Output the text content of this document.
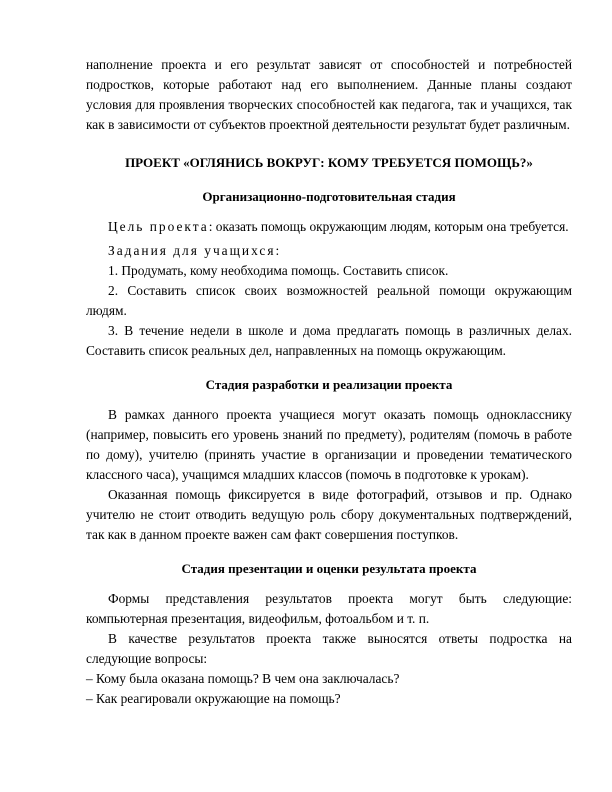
наполнение проекта и его результат зависят от способностей и потребностей подростков, которые работают над его выполнением. Данные планы создают условия для проявления творческих способностей как педагога, так и учащихся, так как в зависимости от субъектов проектной деятельности результат будет различным.

ПРОЕКТ «ОГЛЯНИСЬ ВОКРУГ: КОМУ ТРЕБУЕТСЯ ПОМОЩЬ?»

Организационно-подготовительная стадия

Цель проекта: оказать помощь окружающим людям, которым она требуется.

Задания для учащихся:

1. Продумать, кому необходима помощь. Составить список.

2. Составить список своих возможностей реальной помощи окружающим людям.

3. В течение недели в школе и дома предлагать помощь в различных делах. Составить список реальных дел, направленных на помощь окружающим.

Стадия разработки и реализации проекта

В рамках данного проекта учащиеся могут оказать помощь однокласснику (например, повысить его уровень знаний по предмету), родителям (помочь в работе по дому), учителю (принять участие в организации и проведении тематического классного часа), учащимся младших классов (помочь в подготовке к урокам).

Оказанная помощь фиксируется в виде фотографий, отзывов и пр. Однако учителю не стоит отводить ведущую роль сбору документальных подтверждений, так как в данном проекте важен сам факт совершения поступков.

Стадия презентации и оценки результата проекта

Формы представления результатов проекта могут быть следующие: компьютерная презентация, видеофильм, фотоальбом и т. п.

В качестве результатов проекта также выносятся ответы подростка на следующие вопросы:

– Кому была оказана помощь? В чем она заключалась?

– Как реагировали окружающие на помощь?
